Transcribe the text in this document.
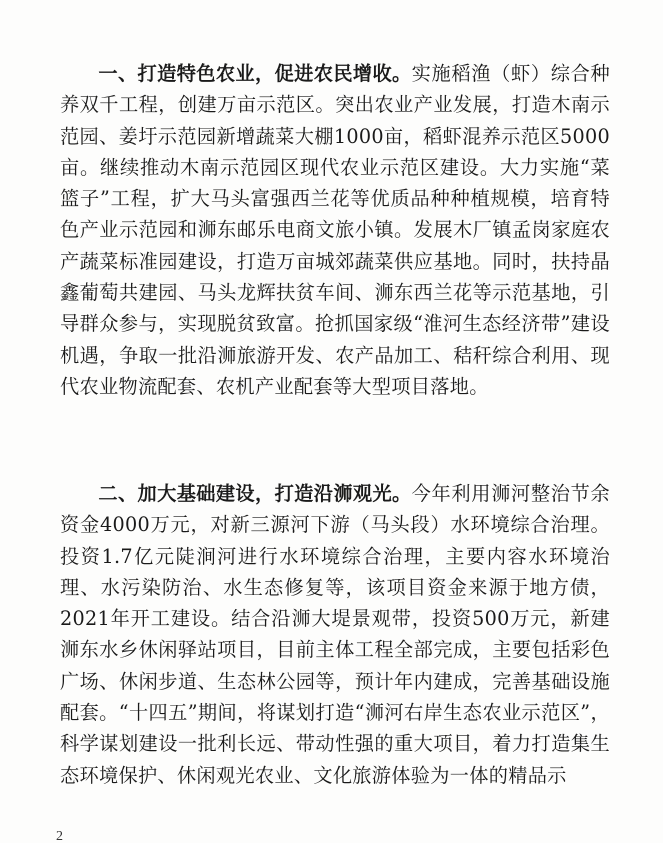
一、打造特色农业，促进农民增收。实施稻渔（虾）综合种养双千工程，创建万亩示范区。突出农业产业发展，打造木南示范园、姜圩示范园新增蔬菜大棚1000亩，稻虾混养示范区5000亩。继续推动木南示范园区现代农业示范区建设。大力实施“菜篮子”工程，扩大马头富强西兰花等优质品种种植规模，培育特色产业示范园和浉东邮乐电商文旅小镇。发展木厂镇孟岗家庭农产蔬菜标准园建设，打造万亩城郊蔬菜供应基地。同时，扶持晶鑫葡萄共建园、马头龙辉扶贫车间、浉东西兰花等示范基地，引导群众参与，实现脱贫致富。抢抓国家级“淮河生态经济带”建设机遇，争取一批沿浉旅游开发、农产品加工、秸秆综合利用、现代农业物流配套、农机产业配套等大型项目落地。

二、加大基础建设，打造沿浉观光。今年利用浉河整治节余资金4000万元，对新三源河下游（马头段）水环境综合治理。投资1.7亿元陡涧河进行水环境综合治理，主要内容水环境治理、水污染防治、水生态修复等，该项目资金来源于地方债，2021年开工建设。结合沿浉大堤景观带，投资500万元，新建浉东水乡休闲驿站项目，目前主体工程全部完成，主要包括彩色广场、休闲步道、生态林公园等，预计年内建成，完善基础设施配套。“十四五”期间，将谋划打造“浉河右岸生态农业示范区”，科学谋划建设一批利长远、带动性强的重大项目，着力打造集生态环境保护、休闲观光农业、文化旅游体验为一体的精品示

2
